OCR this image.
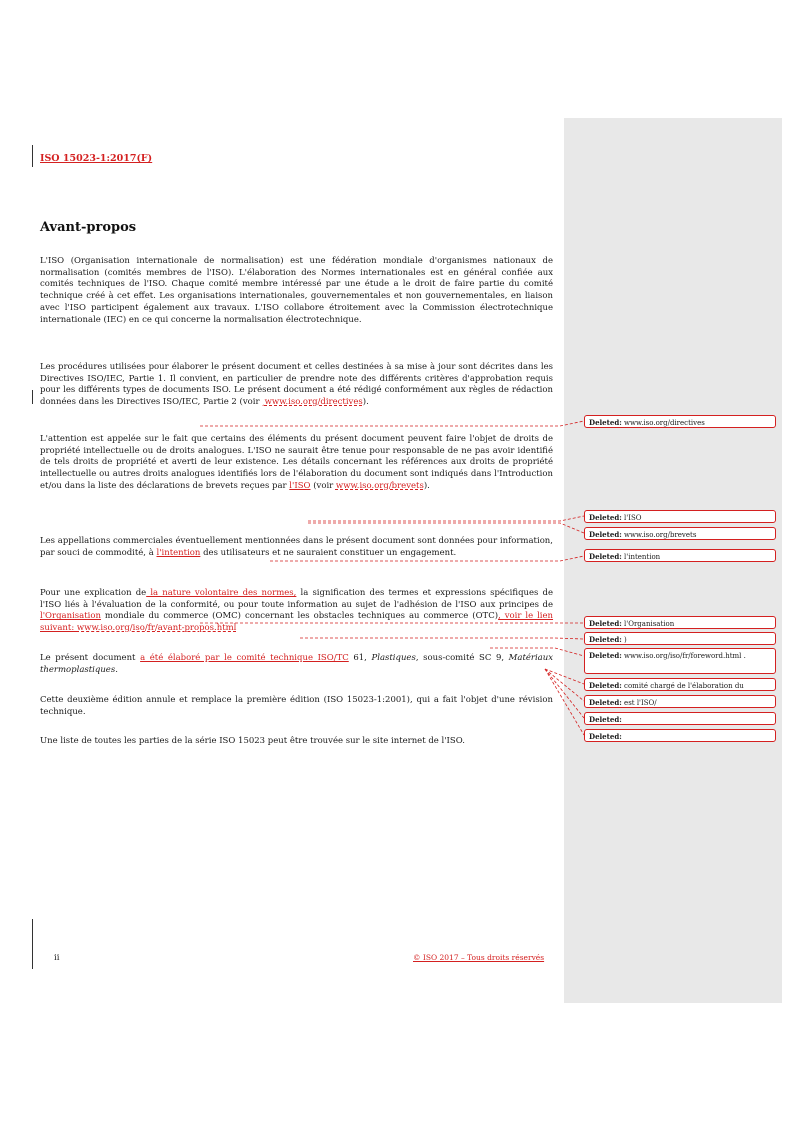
ISO 15023-1:2017(F)
Avant-propos

L'ISO (Organisation internationale de normalisation) est une fédération mondiale d'organismes nationaux de normalisation (comités membres de l'ISO). L'élaboration des Normes internationales est en général confiée aux comités techniques de l'ISO. Chaque comité membre intéressé par une étude a le droit de faire partie du comité technique créé à cet effet. Les organisations internationales, gouvernementales et non gouvernementales, en liaison avec l'ISO participent également aux travaux. L'ISO collabore étroitement avec la Commission électrotechnique internationale (IEC) en ce qui concerne la normalisation électrotechnique.

Les procédures utilisées pour élaborer le présent document et celles destinées à sa mise à jour sont décrites dans les Directives ISO/IEC, Partie 1. Il convient, en particulier de prendre note des différents critères d'approbation requis pour les différents types de documents ISO. Le présent document a été rédigé conformément aux règles de rédaction données dans les Directives ISO/IEC, Partie 2 (voir ‸www.iso.org/directives).

L'attention est appelée sur le fait que certains des éléments du présent document peuvent faire l'objet de droits de propriété intellectuelle ou de droits analogues. L'ISO ne saurait être tenue pour responsable de ne pas avoir identifié de tels droits de propriété et averti de leur existence. Les détails concernant les références aux droits de propriété intellectuelle ou autres droits analogues identifiés lors de l'élaboration du document sont indiqués dans l'Introduction et/ou dans la liste des déclarations de brevets reçues par l'ISO (voir www.iso.org/brevets).

Les appellations commerciales éventuellement mentionnées dans le présent document sont données pour information, par souci de commodité, à l'intention des utilisateurs et ne sauraient constituer un engagement.

Pour une explication de la nature volontaire des normes, la signification des termes et expressions spécifiques de l'ISO liés à l'évaluation de la conformité, ou pour toute information au sujet de l'adhésion de l'ISO aux principes de l'Organisation mondiale du commerce (OMC) concernant les obstacles techniques au commerce (OTC), voir le lien suivant: www.iso.org/iso/fr/avant-propos.html

Le présent document a été élaboré par le comité technique ISO/TC 61, Plastiques, sous-comité SC 9, Matériaux thermoplastiques.

Cette deuxième édition annule et remplace la première édition (ISO 15023-1:2001), qui a fait l'objet d'une révision technique.

Une liste de toutes les parties de la série ISO 15023 peut être trouvée sur le site internet de l'ISO.

ii	© ISO 2017 – Tous droits réservés
Deleted: www.iso.org/directives
Deleted: l'ISO
Deleted: www.iso.org/brevets
Deleted: l'intention
Deleted: l'Organisation
Deleted: )
Deleted: www.iso.org/iso/fr/foreword.html .
Deleted: comité chargé de l'élaboration du
Deleted: est l'ISO/
Deleted:
Deleted:
